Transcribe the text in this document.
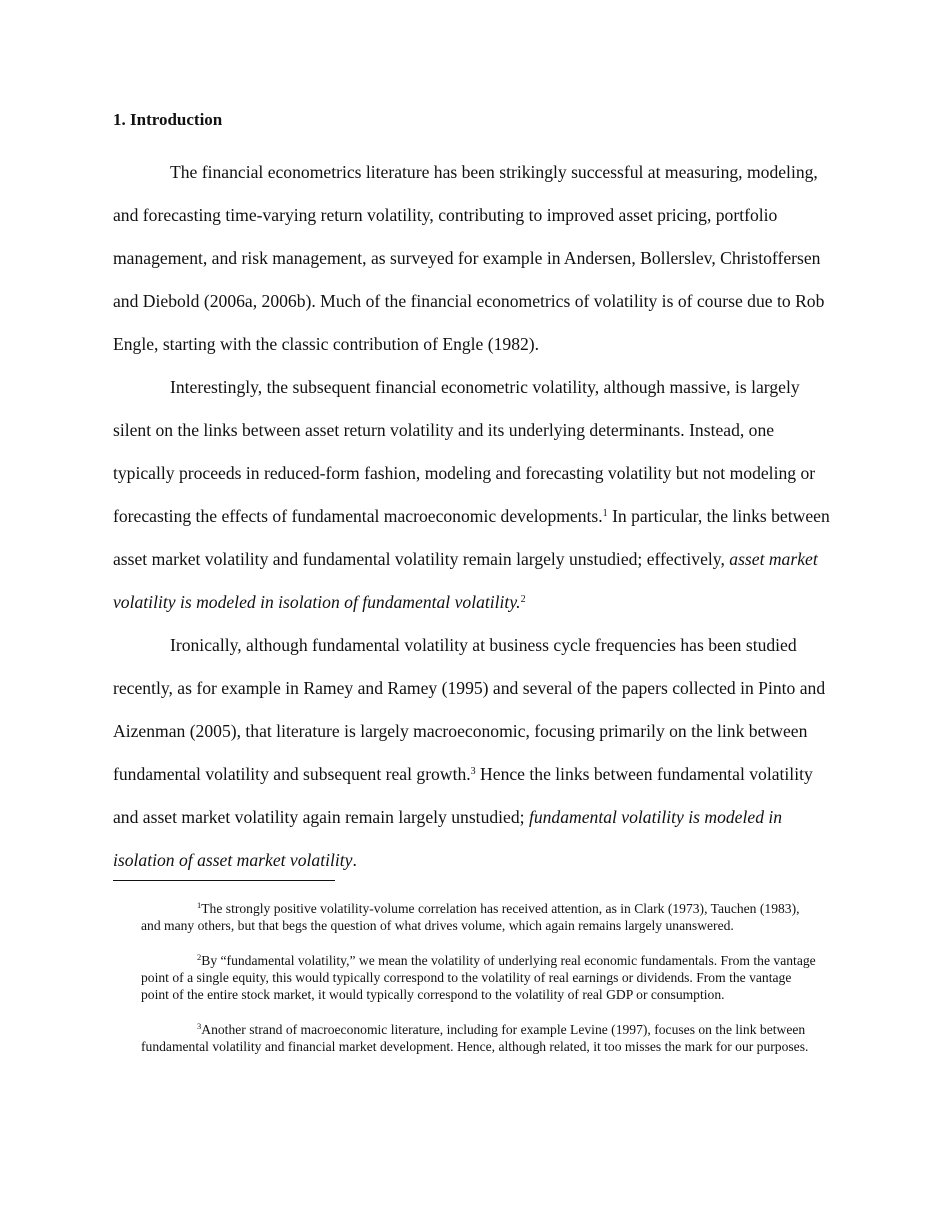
1. Introduction

The financial econometrics literature has been strikingly successful at measuring, modeling, and forecasting time-varying return volatility, contributing to improved asset pricing, portfolio management, and risk management, as surveyed for example in Andersen, Bollerslev, Christoffersen and Diebold (2006a, 2006b). Much of the financial econometrics of volatility is of course due to Rob Engle, starting with the classic contribution of Engle (1982).

Interestingly, the subsequent financial econometric volatility, although massive, is largely silent on the links between asset return volatility and its underlying determinants. Instead, one typically proceeds in reduced-form fashion, modeling and forecasting volatility but not modeling or forecasting the effects of fundamental macroeconomic developments.$^1$ In particular, the links between asset market volatility and fundamental volatility remain largely unstudied; effectively, asset market volatility is modeled in isolation of fundamental volatility.$^2$

Ironically, although fundamental volatility at business cycle frequencies has been studied recently, as for example in Ramey and Ramey (1995) and several of the papers collected in Pinto and Aizenman (2005), that literature is largely macroeconomic, focusing primarily on the link between fundamental volatility and subsequent real growth.$^3$ Hence the links between fundamental volatility and asset market volatility again remain largely unstudied; fundamental volatility is modeled in isolation of asset market volatility.

$^1$The strongly positive volatility-volume correlation has received attention, as in Clark (1973), Tauchen (1983), and many others, but that begs the question of what drives volume, which again remains largely unanswered.

$^2$By “fundamental volatility,” we mean the volatility of underlying real economic fundamentals. From the vantage point of a single equity, this would typically correspond to the volatility of real earnings or dividends. From the vantage point of the entire stock market, it would typically correspond to the volatility of real GDP or consumption.

$^3$Another strand of macroeconomic literature, including for example Levine (1997), focuses on the link between fundamental volatility and financial market development. Hence, although related, it too misses the mark for our purposes.
